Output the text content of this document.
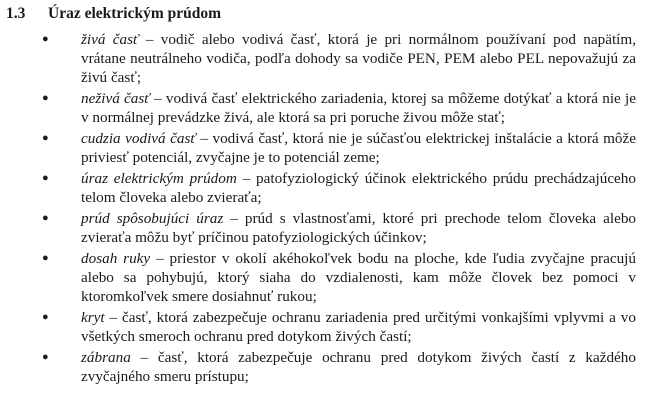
1.3 Úraz elektrickým prúdom
● živá časť – vodič alebo vodivá časť, ktorá je pri normálnom používaní pod napätím, vrátane neutrálneho vodiča, podľa dohody sa vodiče PEN, PEM alebo PEL nepovažujú za živú časť;
● neživá časť – vodivá časť elektrického zariadenia, ktorej sa môžeme dotýkať a ktorá nie je v normálnej prevádzke živá, ale ktorá sa pri poruche živou môže stať;
● cudzia vodivá časť – vodivá časť, ktorá nie je súčasťou elektrickej inštalácie a ktorá môže priviesť potenciál, zvyčajne je to potenciál zeme;
● úraz elektrickým prúdom – patofyziologický účinok elektrického prúdu prechádzajúceho telom človeka alebo zvieraťa;
● prúd spôsobujúci úraz – prúd s vlastnosťami, ktoré pri prechode telom človeka alebo zvieraťa môžu byť príčinou patofyziologických účinkov;
● dosah ruky – priestor v okolí akéhokoľvek bodu na ploche, kde ľudia zvyčajne pracujú alebo sa pohybujú, ktorý siaha do vzdialenosti, kam môže človek bez pomoci v ktoromkoľvek smere dosiahnuť rukou;
● kryt – časť, ktorá zabezpečuje ochranu zariadenia pred určitými vonkajšími vplyvmi a vo všetkých smeroch ochranu pred dotykom živých častí;
● zábrana – časť, ktorá zabezpečuje ochranu pred dotykom živých častí z každého zvyčajného smeru prístupu;
